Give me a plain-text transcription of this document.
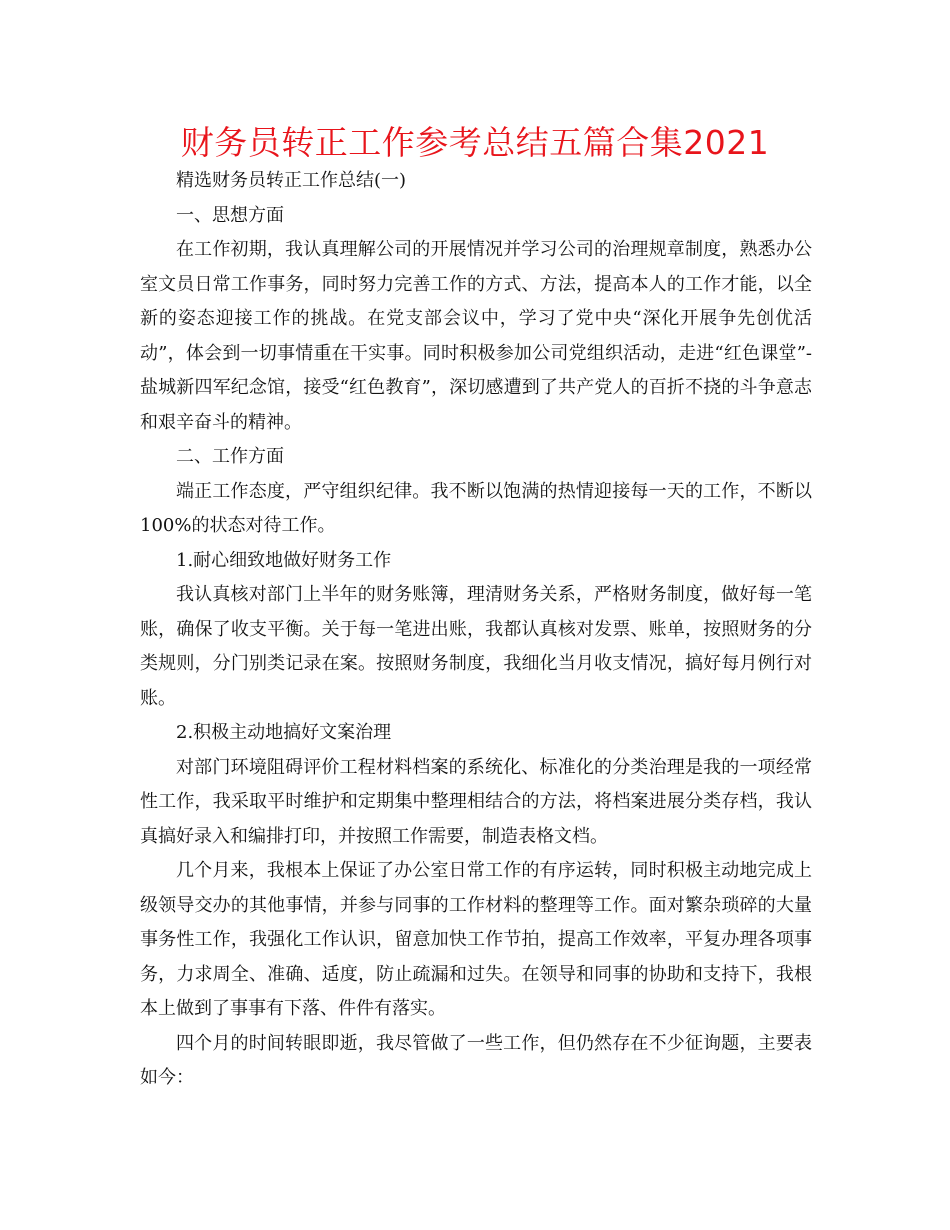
财务员转正工作参考总结五篇合集2021

精选财务员转正工作总结(一)

一、思想方面

在工作初期，我认真理解公司的开展情况并学习公司的治理规章制度，熟悉办公室文员日常工作事务，同时努力完善工作的方式、方法，提高本人的工作才能，以全新的姿态迎接工作的挑战。在党支部会议中，学习了党中央“深化开展争先创优活动”，体会到一切事情重在干实事。同时积极参加公司党组织活动，走进“红色课堂”-盐城新四军纪念馆，接受“红色教育”，深切感遭到了共产党人的百折不挠的斗争意志和艰辛奋斗的精神。

二、工作方面

端正工作态度，严守组织纪律。我不断以饱满的热情迎接每一天的工作，不断以100%的状态对待工作。

1.耐心细致地做好财务工作

我认真核对部门上半年的财务账簿，理清财务关系，严格财务制度，做好每一笔账，确保了收支平衡。关于每一笔进出账，我都认真核对发票、账单，按照财务的分类规则，分门别类记录在案。按照财务制度，我细化当月收支情况，搞好每月例行对账。

2.积极主动地搞好文案治理

对部门环境阻碍评价工程材料档案的系统化、标准化的分类治理是我的一项经常性工作，我采取平时维护和定期集中整理相结合的方法，将档案进展分类存档，我认真搞好录入和编排打印，并按照工作需要，制造表格文档。

几个月来，我根本上保证了办公室日常工作的有序运转，同时积极主动地完成上级领导交办的其他事情，并参与同事的工作材料的整理等工作。面对繁杂琐碎的大量事务性工作，我强化工作认识，留意加快工作节拍，提高工作效率，平复办理各项事务，力求周全、准确、适度，防止疏漏和过失。在领导和同事的协助和支持下，我根本上做到了事事有下落、件件有落实。

四个月的时间转眼即逝，我尽管做了一些工作，但仍然存在不少征询题，主要表如今：
